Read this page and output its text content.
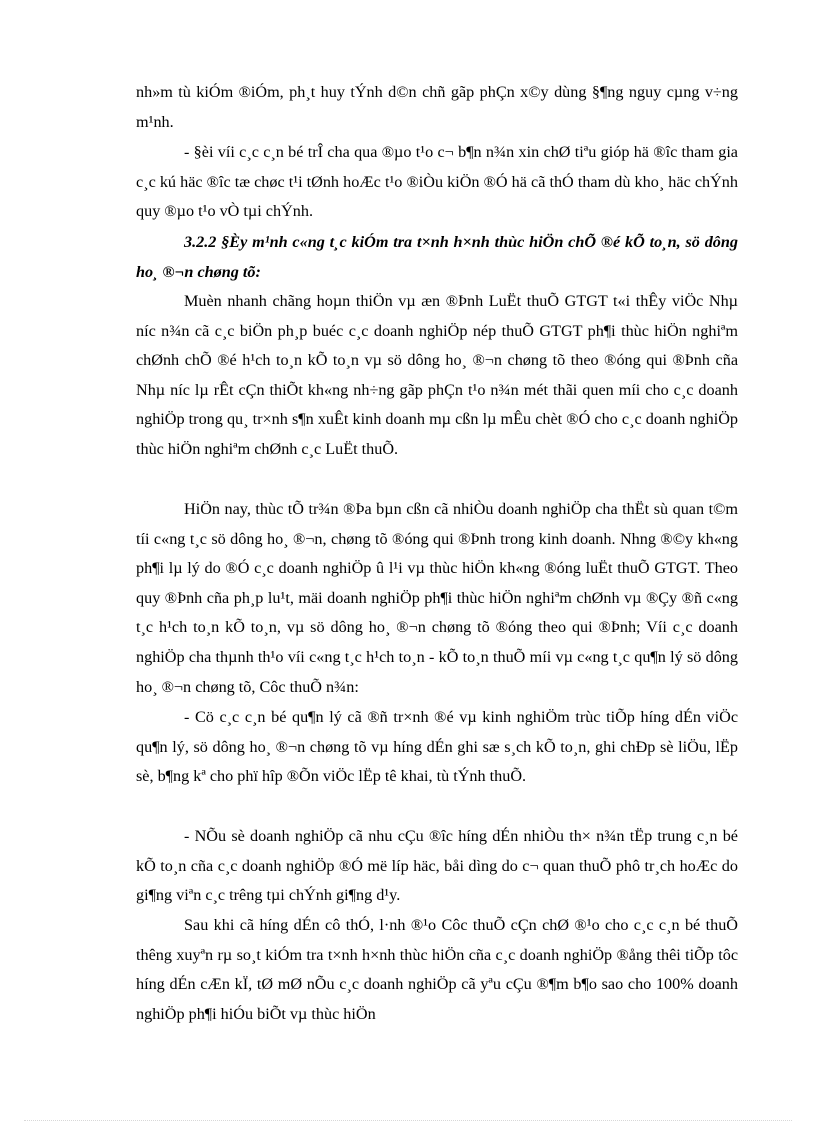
nh»m tù kiÓm ®iÓm, ph¸t huy tÝnh d©n chñ gãp phÇn x©y dùng §¶ng nguy cµng v÷ng m¹nh.

- §èi víi c¸c c¸n bé trÎ cha qua ®µo t¹o c¬ b¶n n¾n xin chØ tiªu gióp hä ®îc tham gia c¸c kú häc ®îc tæ chøc t¹i tØnh hoÆc t¹o ®iÒu kiÖn ®Ó hä cã thÓ tham dù kho¸ häc chÝnh quy ®µo t¹o vÒ tµi chÝnh.

3.2.2 §Èy m¹nh c«ng t¸c kiÓm tra t×nh h×nh thùc hiÖn chÕ ®é kÕ to¸n, sö dông ho¸ ®¬n chøng tõ:

Muèn nhanh chãng hoµn thiÖn vµ æn ®Þnh LuËt thuÕ GTGT t«i thÊy viÖc Nhµ níc n¾n cã c¸c biÖn ph¸p buéc c¸c doanh nghiÖp nép thuÕ GTGT ph¶i thùc hiÖn nghiªm chØnh chÕ ®é h¹ch to¸n kÕ to¸n vµ sö dông ho¸ ®¬n chøng tõ theo ®óng qui ®Þnh cña Nhµ níc lµ rÊt cÇn thiÕt kh«ng nh÷ng gãp phÇn t¹o n¾n mét thãi quen míi cho c¸c doanh nghiÖp trong qu¸ tr×nh s¶n xuÊt kinh doanh mµ cßn lµ mÊu chèt ®Ó cho c¸c doanh nghiÖp thùc hiÖn nghiªm chØnh c¸c LuËt thuÕ.

HiÖn nay, thùc tÕ tr¾n ®Þa bµn cßn cã nhiÒu doanh nghiÖp cha thËt sù quan t©m tíi c«ng t¸c sö dông ho¸ ®¬n, chøng tõ ®óng qui ®Þnh trong kinh doanh. Nhng ®©y kh«ng ph¶i lµ lý do ®Ó c¸c doanh nghiÖp û l¹i vµ thùc hiÖn kh«ng ®óng luËt thuÕ GTGT. Theo quy ®Þnh cña ph¸p lu¹t, mäi doanh nghiÖp ph¶i thùc hiÖn nghiªm chØnh vµ ®Çy ®ñ c«ng t¸c h¹ch to¸n kÕ to¸n, vµ sö dông ho¸ ®¬n chøng tõ ®óng theo qui ®Þnh; Víi c¸c doanh nghiÖp cha thµnh th¹o víi c«ng t¸c h¹ch to¸n - kÕ to¸n thuÕ míi vµ c«ng t¸c qu¶n lý sö dông ho¸ ®¬n chøng tõ, Côc thuÕ n¾n:

- Cö c¸c c¸n bé qu¶n lý cã ®ñ tr×nh ®é vµ kinh nghiÖm trùc tiÕp híng dÉn viÖc qu¶n lý, sö dông ho¸ ®¬n chøng tõ vµ híng dÉn ghi sæ s¸ch kÕ to¸n, ghi chÐp sè liÖu, lËp sè, b¶ng kª cho phï hîp ®Õn viÖc lËp tê khai, tù tÝnh thuÕ.

- NÕu sè doanh nghiÖp cã nhu cÇu ®îc híng dÉn nhiÒu th× n¾n tËp trung c¸n bé kÕ to¸n cña c¸c doanh nghiÖp ®Ó më líp häc, båi dìng do c¬ quan thuÕ phô tr¸ch hoÆc do gi¶ng viªn c¸c trêng tµi chÝnh gi¶ng d¹y.

Sau khi cã híng dÉn cô thÓ, l·nh ®¹o Côc thuÕ cÇn chØ ®¹o cho c¸c c¸n bé thuÕ thêng xuyªn rµ so¸t kiÓm tra t×nh h×nh thùc hiÖn cña c¸c doanh nghiÖp ®ång thêi tiÕp tôc híng dÉn cÆn kÏ, tØ mØ nÕu c¸c doanh nghiÖp cã yªu cÇu ®¶m b¶o sao cho 100% doanh nghiÖp ph¶i hiÓu biÕt vµ thùc hiÖn
